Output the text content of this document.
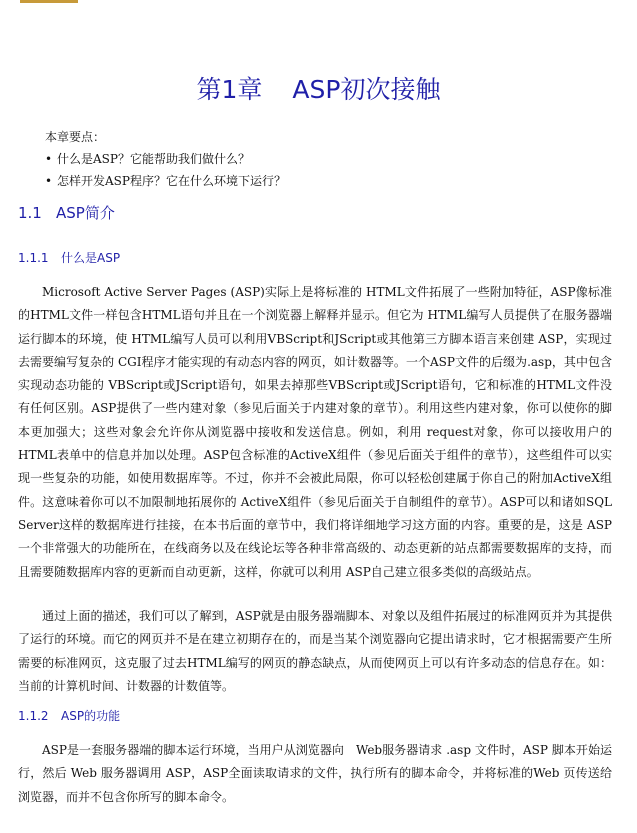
第1章 ASP初次接触

本章要点：

• 什么是ASP？它能帮助我们做什么？
• 怎样开发ASP程序？它在什么环境下运行？
1.1 ASP简介
1.1.1 什么是ASP

Microsoft Active Server Pages (ASP)实际上是将标准的 HTML文件拓展了一些附加特征，ASP像标准的HTML文件一样包含HTML语句并且在一个浏览器上解释并显示。但它为 HTML编写人员提供了在服务器端运行脚本的环境，使 HTML编写人员可以利用VBScript和JScript或其他第三方脚本语言来创建 ASP，实现过去需要编写复杂的 CGI程序才能实现的有动态内容的网页，如计数器等。一个ASP文件的后缀为.asp，其中包含实现动态功能的 VBScript或JScript语句，如果去掉那些VBScript或JScript语句，它和标准的HTML文件没有任何区别。ASP提供了一些内建对象（参见后面关于内建对象的章节）。利用这些内建对象，你可以使你的脚本更加强大；这些对象会允许你从浏览器中接收和发送信息。例如，利用 request对象，你可以接收用户的HTML表单中的信息并加以处理。ASP包含标准的ActiveX组件（参见后面关于组件的章节），这些组件可以实现一些复杂的功能，如使用数据库等。不过，你并不会被此局限，你可以轻松创建属于你自己的附加ActiveX组件。这意味着你可以不加限制地拓展你的 ActiveX组件（参见后面关于自制组件的章节）。ASP可以和诸如SQL Server这样的数据库进行挂接，在本书后面的章节中，我们将详细地学习这方面的内容。重要的是，这是 ASP一个非常强大的功能所在，在线商务以及在线论坛等各种非常高级的、动态更新的站点都需要数据库的支持，而且需要随数据库内容的更新而自动更新，这样，你就可以利用 ASP自己建立很多类似的高级站点。

通过上面的描述，我们可以了解到，ASP就是由服务器端脚本、对象以及组件拓展过的标准网页并为其提供了运行的环境。而它的网页并不是在建立初期存在的，而是当某个浏览器向它提出请求时，它才根据需要产生所需要的标准网页，这克服了过去HTML编写的网页的静态缺点，从而使网页上可以有许多动态的信息存在。如：当前的计算机时间、计数器的计数值等。

1.1.2 ASP的功能

ASP是一套服务器端的脚本运行环境，当用户从浏览器向　Web服务器请求 .asp 文件时，ASP 脚本开始运行，然后 Web 服务器调用 ASP，ASP全面读取请求的文件，执行所有的脚本命令，并将标准的Web 页传送给浏览器，而并不包含你所写的脚本命令。
